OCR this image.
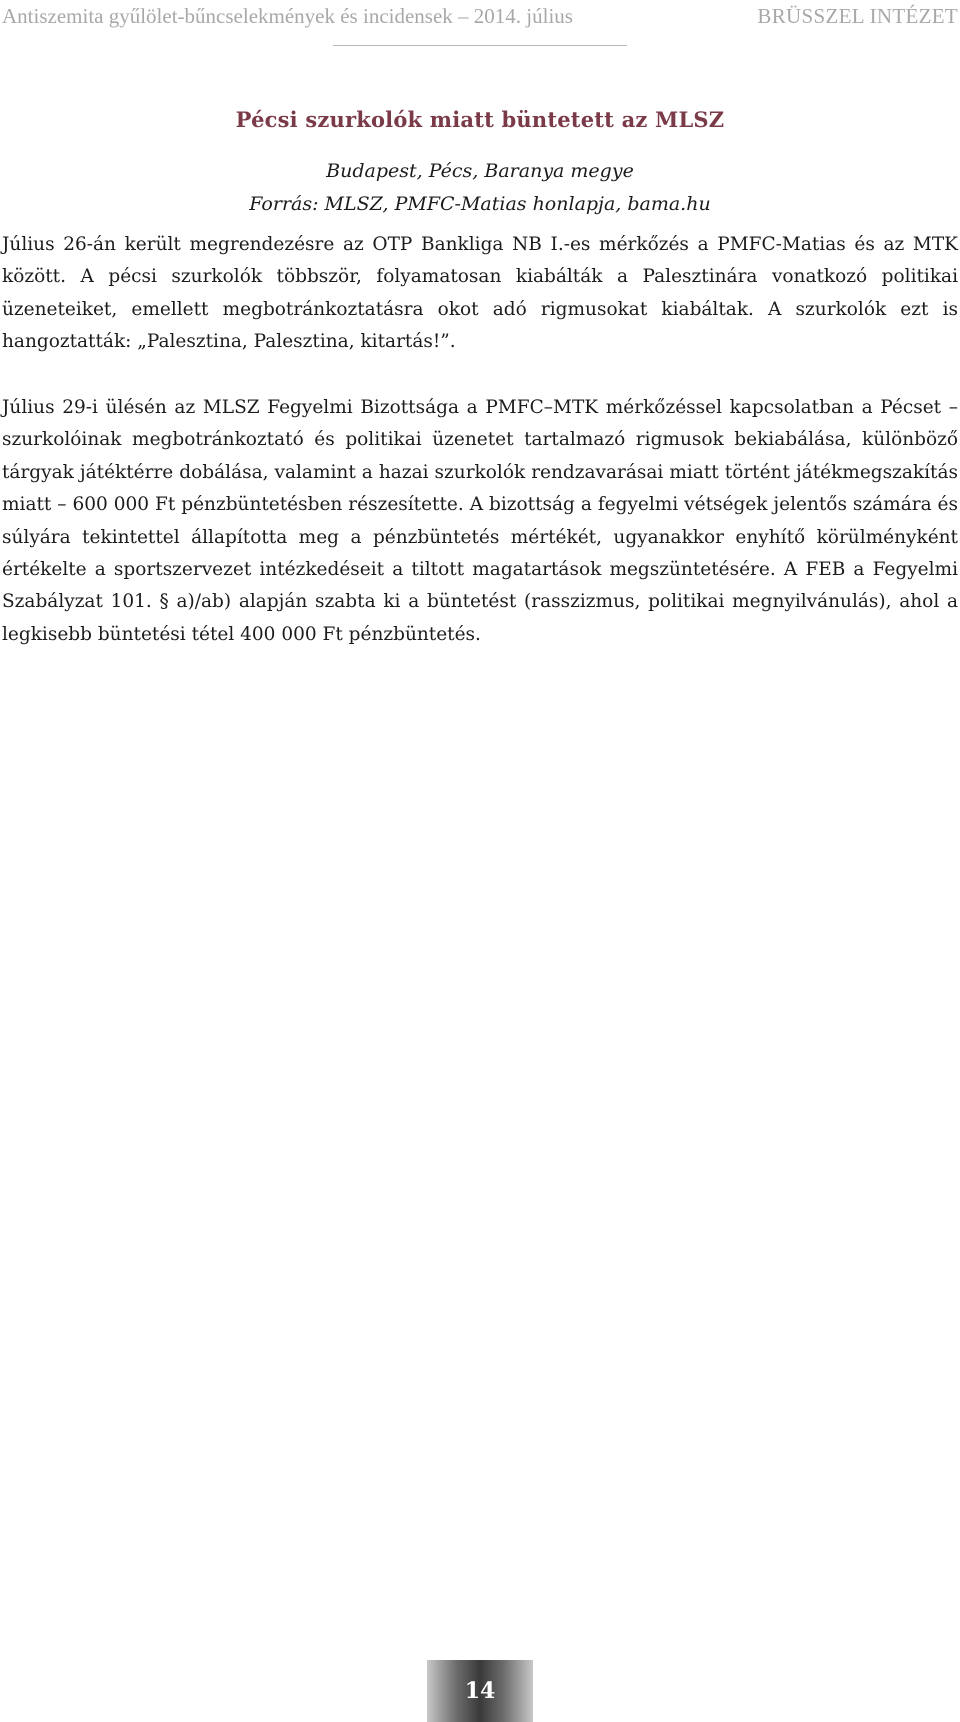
Antiszemita gyűlölet-bűncselekmények és incidensek – 2014. július	BRÜSSZEL INTÉZET
Pécsi szurkolók miatt büntetett az MLSZ
Budapest, Pécs, Baranya megye
Forrás: MLSZ, PMFC-Matias honlapja, bama.hu

Július 26-án került megrendezésre az OTP Bankliga NB I.-es mérkőzés a PMFC-Matias és az MTK között. A pécsi szurkolók többször, folyamatosan kiabálták a Palesztinára vonatkozó politikai üzeneteiket, emellett megbotránkoztatásra okot adó rigmusokat kiabáltak. A szurkolók ezt is hangoztatták: „Palesztina, Palesztina, kitartás!”.

Július 29-i ülésén az MLSZ Fegyelmi Bizottsága a PMFC–MTK mérkőzéssel kapcsolatban a Pécset – szurkolóinak megbotránkoztató és politikai üzenetet tartalmazó rigmusok bekiabálása, különböző tárgyak játéktérre dobálása, valamint a hazai szurkolók rendzavarásai miatt történt játékmegszakítás miatt – 600 000 Ft pénzbüntetésben részesítette. A bizottság a fegyelmi vétségek jelentős számára és súlyára tekintettel állapította meg a pénzbüntetés mértékét, ugyanakkor enyhítő körülményként értékelte a sportszervezet intézkedéseit a tiltott magatartások megszüntetésére. A FEB a Fegyelmi Szabályzat 101. § a)/ab) alapján szabta ki a büntetést (rasszizmus, politikai megnyilvánulás), ahol a legkisebb büntetési tétel 400 000 Ft pénzbüntetés.

14
